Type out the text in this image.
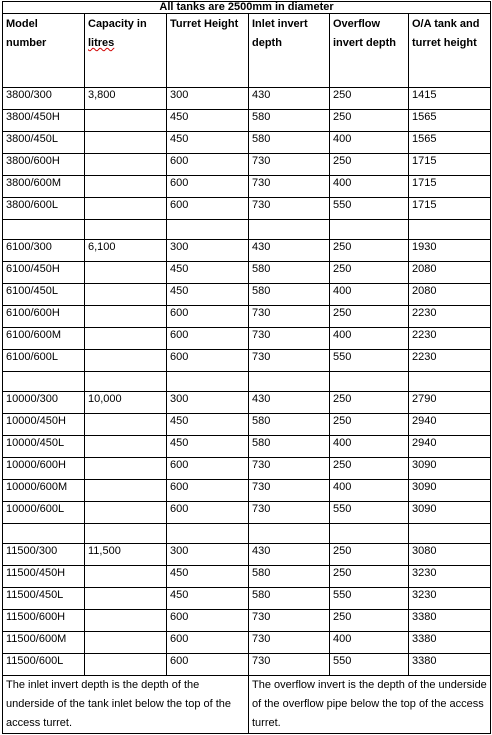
All tanks are 2500mm in diameter					
Model number	Capacity in litres	Turret Height	Inlet invert depth	Overflow invert depth	O/A tank and turret height
3800/300	3,800	300	430	250	1415
3800/450H		450	580	250	1565
3800/450L		450	580	400	1565
3800/600H		600	730	250	1715
3800/600M		600	730	400	1715
3800/600L		600	730	550	1715

6100/300	6,100	300	430	250	1930
6100/450H		450	580	250	2080
6100/450L		450	580	400	2080
6100/600H		600	730	250	2230
6100/600M		600	730	400	2230
6100/600L		600	730	550	2230

10000/300	10,000	300	430	250	2790
10000/450H		450	580	250	2940
10000/450L		450	580	400	2940
10000/600H		600	730	250	3090
10000/600M		600	730	400	3090
10000/600L		600	730	550	3090

11500/300	11,500	300	430	250	3080
11500/450H		450	580	250	3230
11500/450L		450	580	550	3230
11500/600H		600	730	250	3380
11500/600M		600	730	400	3380
11500/600L		600	730	550	3380
The inlet invert depth is the depth of the underside of the tank inlet below the top of the access turret.			The overflow invert is the depth of the underside of the overflow pipe below the top of the access turret.		
